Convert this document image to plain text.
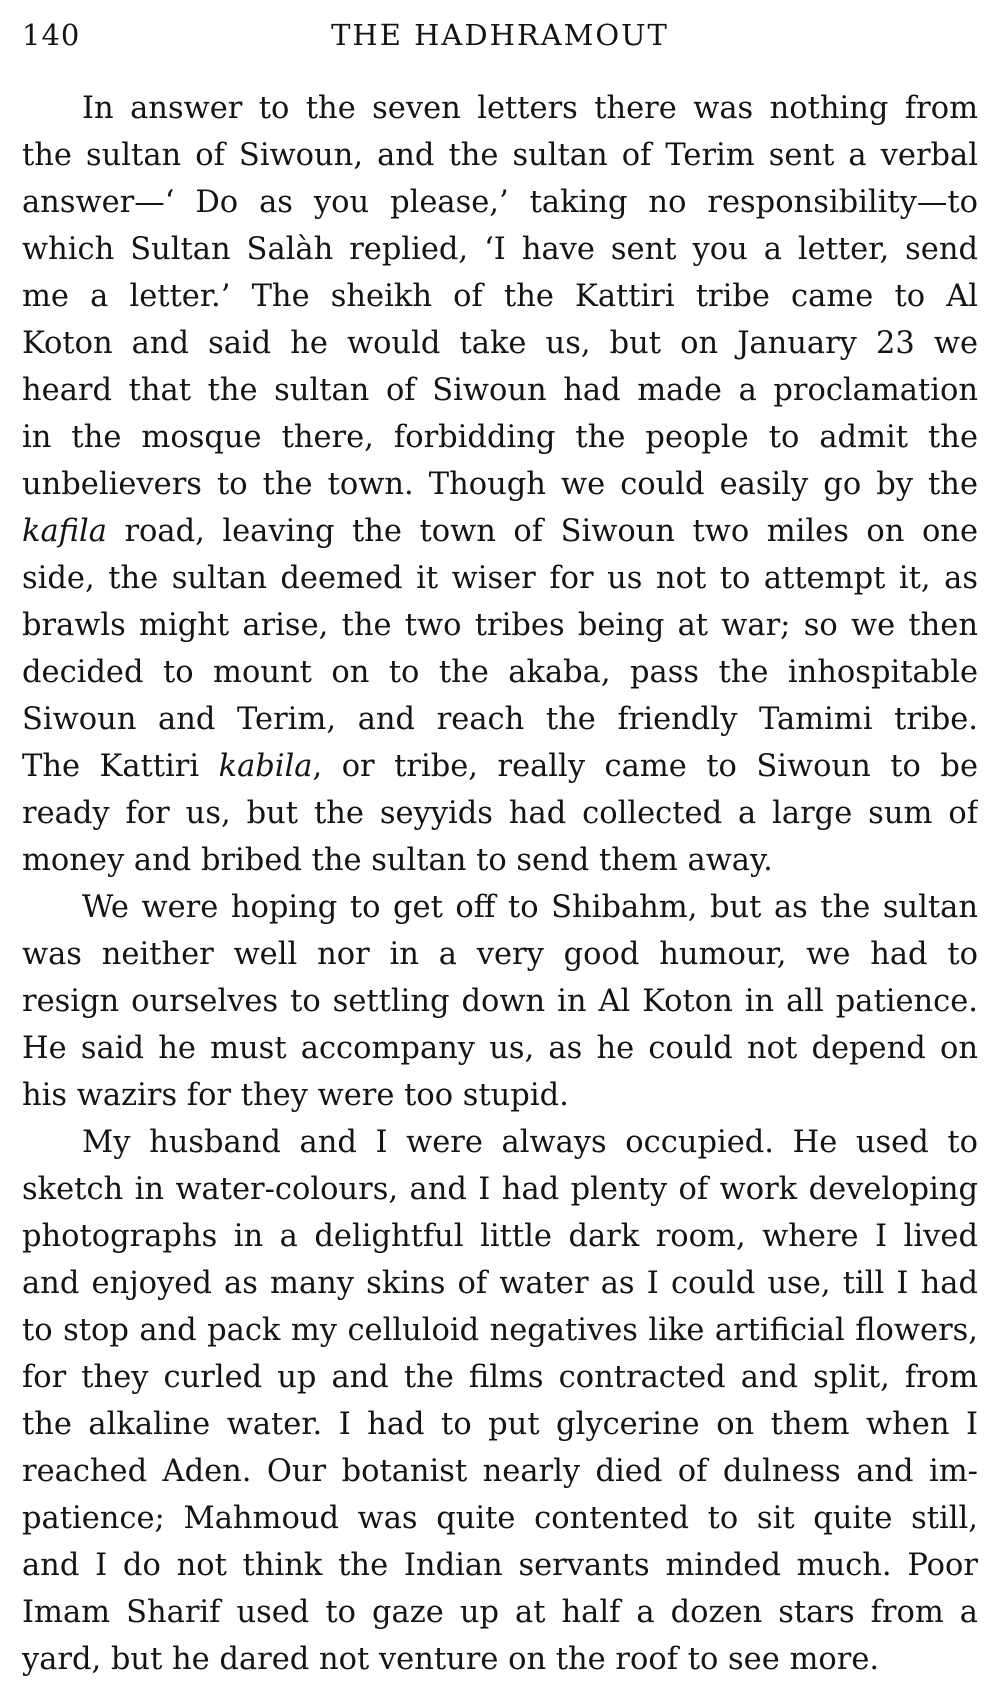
140	THE HADHRAMOUT
In answer to the seven letters there was nothing from
the sultan of Siwoun, and the sultan of Terim sent a verbal
answer—‘ Do as you please,’ taking no responsibility—to
which Sultan Salàh replied, ‘I have sent you a letter, send
me a letter.’ The sheikh of the Kattiri tribe came to Al
Koton and said he would take us, but on January 23 we
heard that the sultan of Siwoun had made a proclamation
in the mosque there, forbidding the people to admit the
unbelievers to the town. Though we could easily go by the
kafila road, leaving the town of Siwoun two miles on one
side, the sultan deemed it wiser for us not to attempt it, as
brawls might arise, the two tribes being at war; so we then
decided to mount on to the akaba, pass the inhospitable
Siwoun and Terim, and reach the friendly Tamimi tribe.
The Kattiri kabila, or tribe, really came to Siwoun to be
ready for us, but the seyyids had collected a large sum of
money and bribed the sultan to send them away.
We were hoping to get off to Shibahm, but as the sultan
was neither well nor in a very good humour, we had to
resign ourselves to settling down in Al Koton in all patience.
He said he must accompany us, as he could not depend on
his wazirs for they were too stupid.
My husband and I were always occupied. He used to
sketch in water-colours, and I had plenty of work developing
photographs in a delightful little dark room, where I lived
and enjoyed as many skins of water as I could use, till I had
to stop and pack my celluloid negatives like artificial flowers,
for they curled up and the films contracted and split, from
the alkaline water. I had to put glycerine on them when I
reached Aden. Our botanist nearly died of dulness and im-
patience; Mahmoud was quite contented to sit quite still,
and I do not think the Indian servants minded much. Poor
Imam Sharif used to gaze up at half a dozen stars from a
yard, but he dared not venture on the roof to see more.
